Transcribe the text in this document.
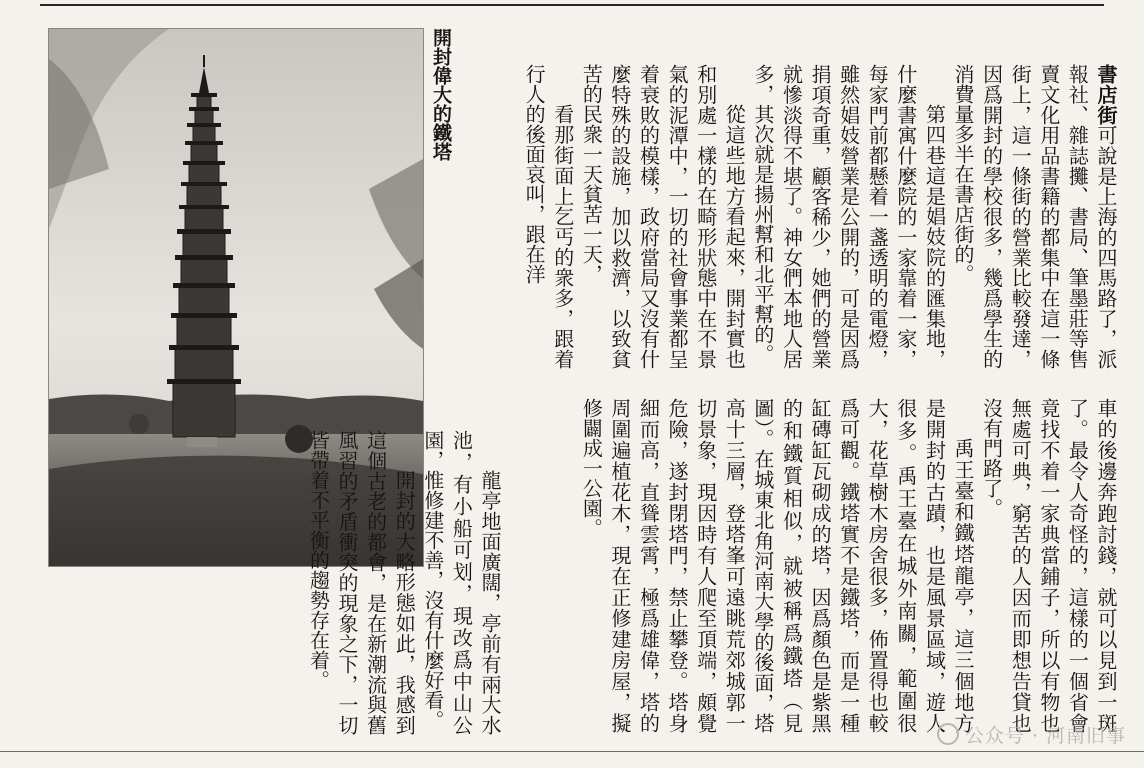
開封偉大的鐵塔	書店街可說是上海的四馬路了，派報社、雜誌攤、書局、筆墨莊等售賣文化用品書籍的都集中在這一條街上，這一條街的營業比較發達，因爲開封的學校很多，幾爲學生的消費量多半在書店街的。

第四巷這是娼妓院的匯集地，什麼書寓什麼院的一家靠着一家，每家門前都懸着一盞透明的電燈，雖然娼妓營業是公開的，可是因爲捐項奇重，顧客稀少，她們的營業就慘淡得不堪了。神女們本地人居多，其次就是揚州幫和北平幫的。

從這些地方看起來，開封實也和別處一樣的在畸形狀態中在不景氣的泥潭中，一切的社會事業都呈着衰敗的模樣，政府當局又沒有什麼特殊的設施，加以救濟，以致貧苦的民衆一天貧苦一天，

看那街面上乞丐的衆多，跟着行人的後面哀叫，跟在洋

車的後邊奔跑討錢，就可以見到一斑了。最令人奇怪的，這樣的一個省會竟找不着一家典當鋪子，所以有物也無處可典，窮苦的人因而即想告貸也沒有門路了。

禹王臺和鐵塔龍亭，這三個地方是開封的古蹟，也是風景區域，遊人很多。禹王臺在城外南關，範圍很大，花草樹木房舍很多，佈置得也較爲可觀。鐵塔實不是鐵塔，而是一種缸磚缸瓦砌成的塔，因爲顏色是紫黑的和鐵質相似，就被稱爲鐵塔（見圖）。在城東北角河南大學的後面，塔高十三層，登塔峯可遠眺荒郊城郭一切景象，現因時有人爬至頂端，頗覺危險，遂封閉塔門，禁止攀登。塔身細而高，直聳雲霄，極爲雄偉，塔的周圍遍植花木，現在正修建房屋，擬修闢成一公園。

龍亭地面廣闊，亭前有兩大水池，有小船可划，現改爲中山公園，惟修建不善，沒有什麼好看。

開封的大略形態如此，我感到這個古老的都會，是在新潮流與舊風習的矛盾衝突的現象之下，一切皆帶着不平衡的趨勢存在着。

公众号 · 河南旧事
